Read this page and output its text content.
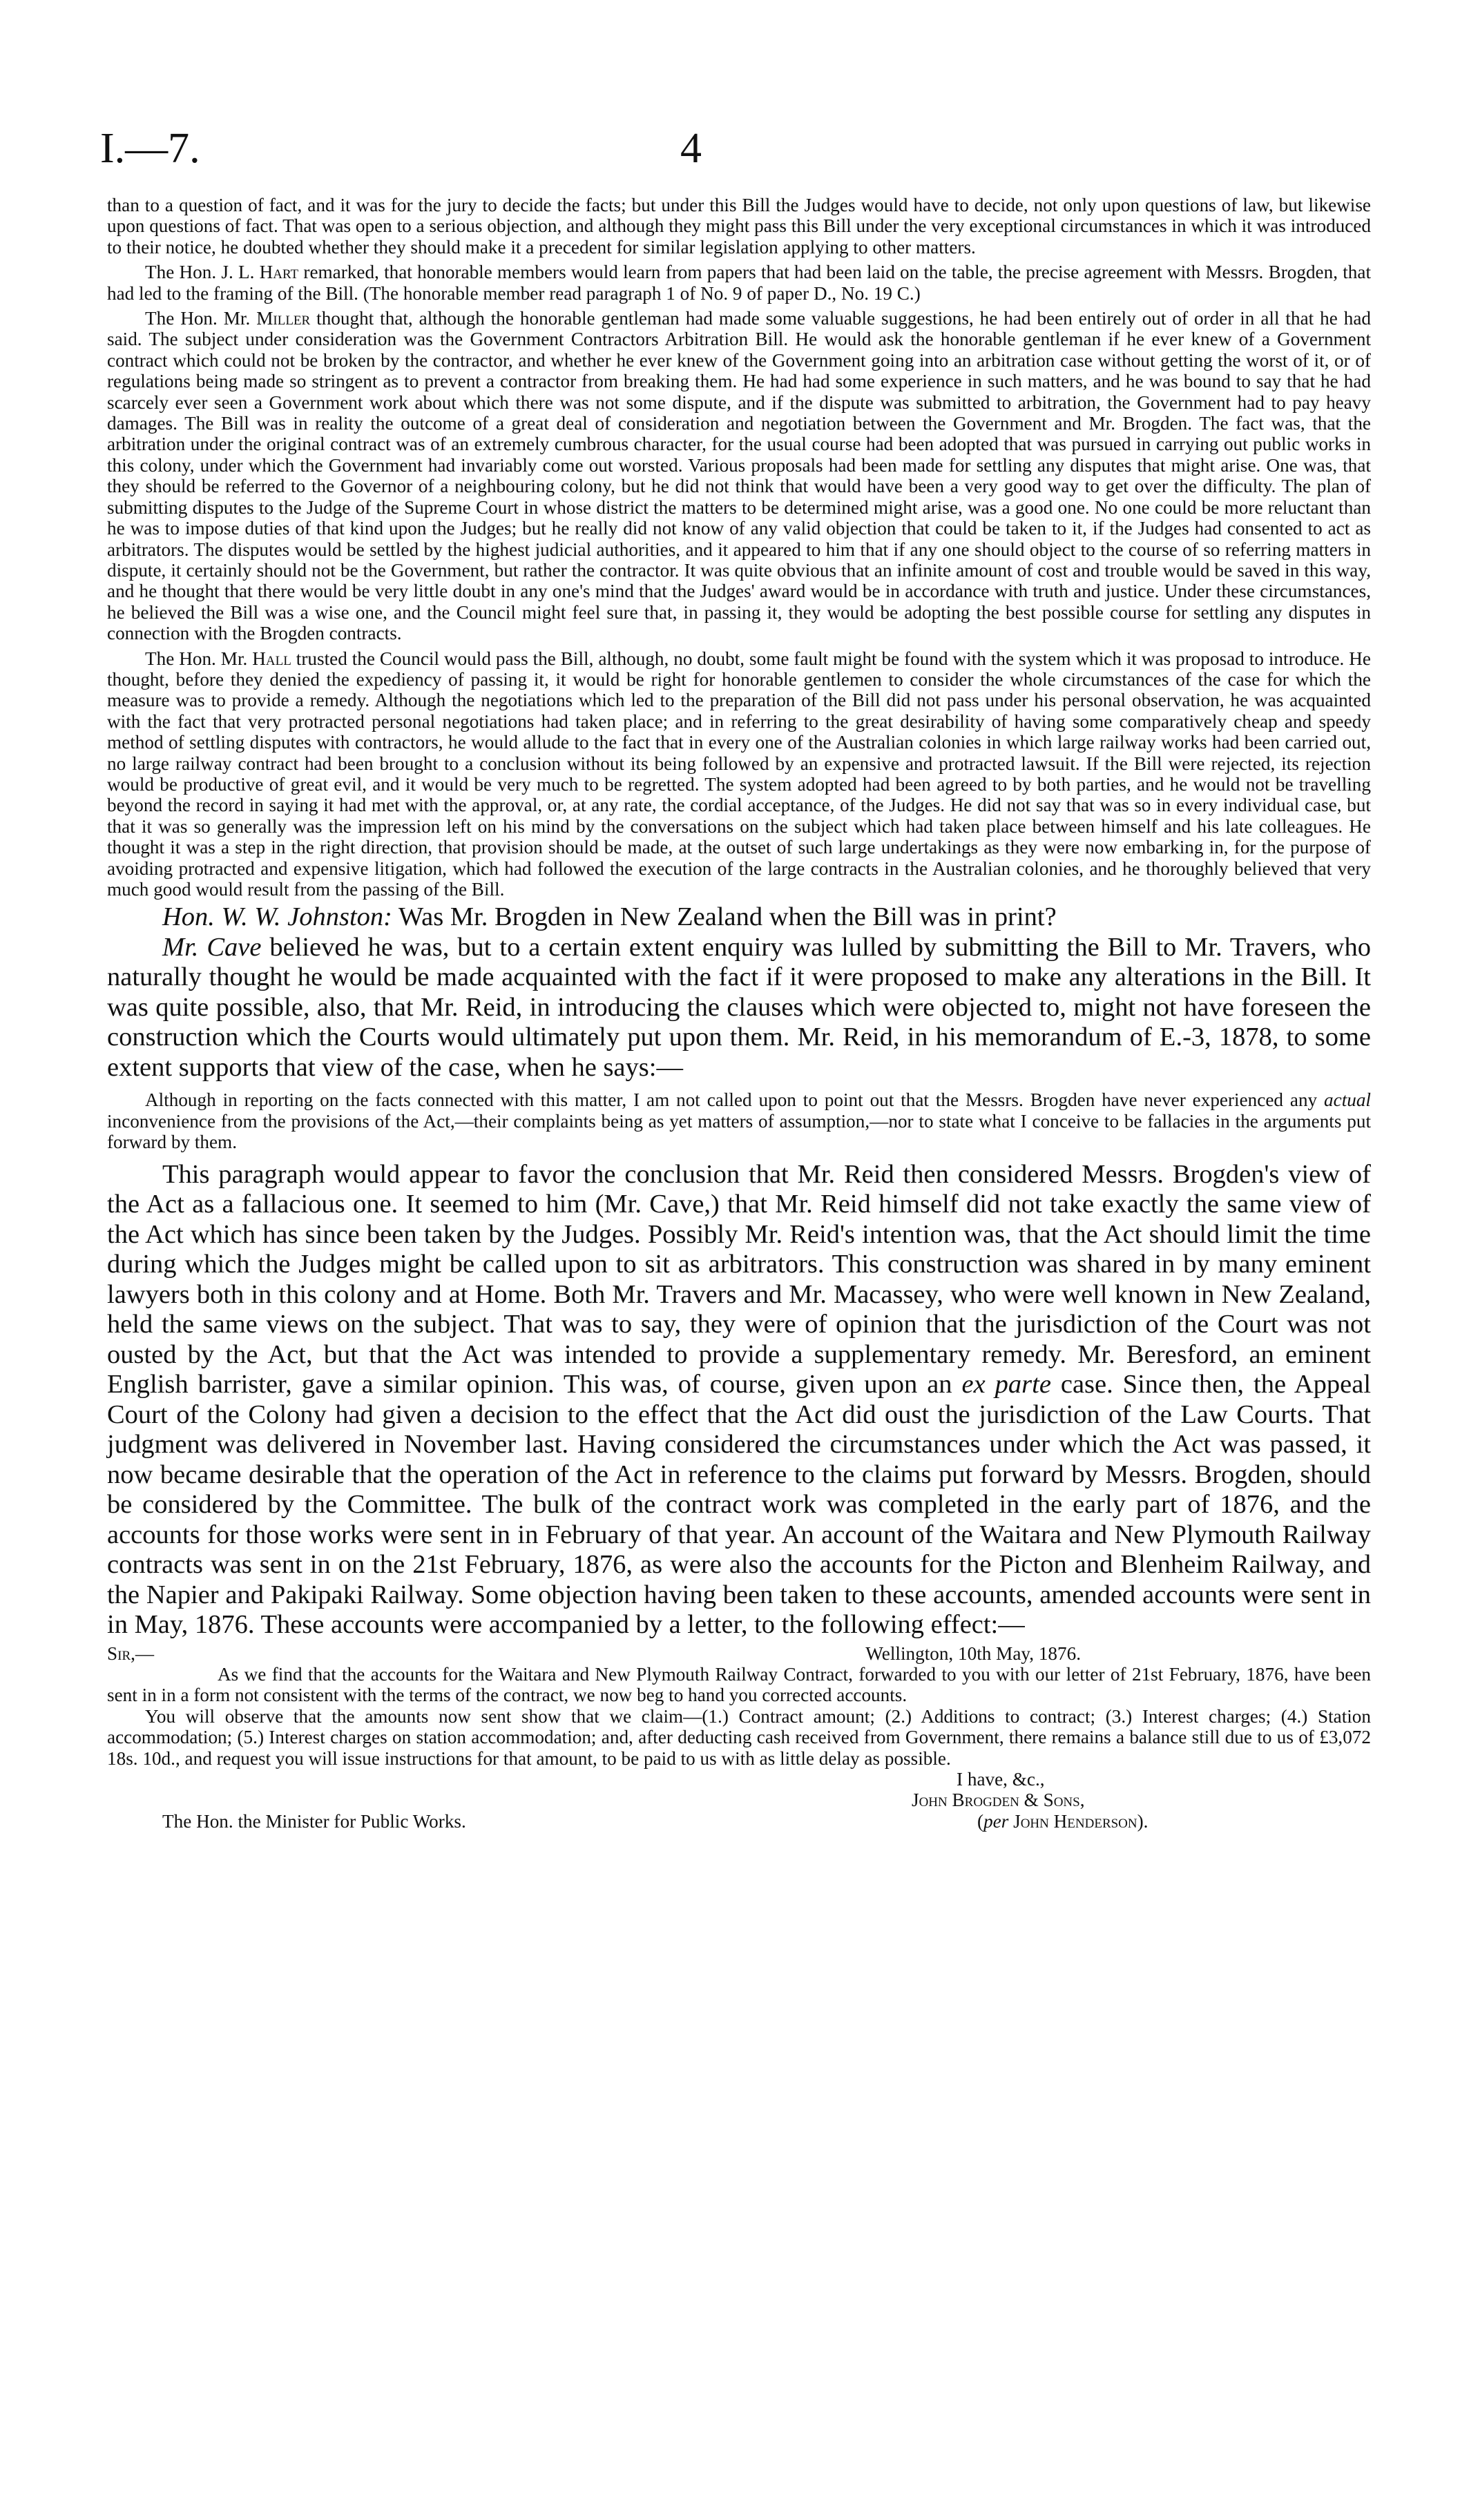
I.—7.	4

than to a question of fact, and it was for the jury to decide the facts; but under this Bill the Judges would have to decide, not only upon questions of law, but likewise upon questions of fact. That was open to a serious objection, and although they might pass this Bill under the very exceptional circumstances in which it was introduced to their notice, he doubted whether they should make it a precedent for similar legislation applying to other matters.

The Hon. J. L. Hart remarked, that honorable members would learn from papers that had been laid on the table, the precise agreement with Messrs. Brogden, that had led to the framing of the Bill. (The honorable member read paragraph 1 of No. 9 of paper D., No. 19 C.)

The Hon. Mr. Miller thought that, although the honorable gentleman had made some valuable suggestions, he had been entirely out of order in all that he had said. The subject under consideration was the Government Contractors Arbitration Bill. He would ask the honorable gentleman if he ever knew of a Government contract which could not be broken by the contractor, and whether he ever knew of the Government going into an arbitration case without getting the worst of it, or of regulations being made so stringent as to prevent a contractor from breaking them. He had had some experience in such matters, and he was bound to say that he had scarcely ever seen a Government work about which there was not some dispute, and if the dispute was submitted to arbitration, the Government had to pay heavy damages. The Bill was in reality the outcome of a great deal of consideration and negotiation between the Government and Mr. Brogden. The fact was, that the arbitration under the original contract was of an extremely cumbrous character, for the usual course had been adopted that was pursued in carrying out public works in this colony, under which the Government had invariably come out worsted. Various proposals had been made for settling any disputes that might arise. One was, that they should be referred to the Governor of a neighbouring colony, but he did not think that would have been a very good way to get over the difficulty. The plan of submitting disputes to the Judge of the Supreme Court in whose district the matters to be determined might arise, was a good one. No one could be more reluctant than he was to impose duties of that kind upon the Judges; but he really did not know of any valid objection that could be taken to it, if the Judges had consented to act as arbitrators. The disputes would be settled by the highest judicial authorities, and it appeared to him that if any one should object to the course of so referring matters in dispute, it certainly should not be the Government, but rather the contractor. It was quite obvious that an infinite amount of cost and trouble would be saved in this way, and he thought that there would be very little doubt in any one's mind that the Judges' award would be in accordance with truth and justice. Under these circumstances, he believed the Bill was a wise one, and the Council might feel sure that, in passing it, they would be adopting the best possible course for settling any disputes in connection with the Brogden contracts.

The Hon. Mr. Hall trusted the Council would pass the Bill, although, no doubt, some fault might be found with the system which it was proposad to introduce. He thought, before they denied the expediency of passing it, it would be right for honorable gentlemen to consider the whole circumstances of the case for which the measure was to provide a remedy. Although the negotiations which led to the preparation of the Bill did not pass under his personal observation, he was acquainted with the fact that very protracted personal negotiations had taken place; and in referring to the great desirability of having some comparatively cheap and speedy method of settling disputes with contractors, he would allude to the fact that in every one of the Australian colonies in which large railway works had been carried out, no large railway contract had been brought to a conclusion without its being followed by an expensive and protracted lawsuit. If the Bill were rejected, its rejection would be productive of great evil, and it would be very much to be regretted. The system adopted had been agreed to by both parties, and he would not be travelling beyond the record in saying it had met with the approval, or, at any rate, the cordial acceptance, of the Judges. He did not say that was so in every individual case, but that it was so generally was the impression left on his mind by the conversations on the subject which had taken place between himself and his late colleagues. He thought it was a step in the right direction, that provision should be made, at the outset of such large undertakings as they were now embarking in, for the purpose of avoiding protracted and expensive litigation, which had followed the execution of the large contracts in the Australian colonies, and he thoroughly believed that very much good would result from the passing of the Bill.

Hon. W. W. Johnston: Was Mr. Brogden in New Zealand when the Bill was in print?

Mr. Cave believed he was, but to a certain extent enquiry was lulled by submitting the Bill to Mr. Travers, who naturally thought he would be made acquainted with the fact if it were proposed to make any alterations in the Bill. It was quite possible, also, that Mr. Reid, in introducing the clauses which were objected to, might not have foreseen the construction which the Courts would ultimately put upon them. Mr. Reid, in his memorandum of E.-3, 1878, to some extent supports that view of the case, when he says:—

Although in reporting on the facts connected with this matter, I am not called upon to point out that the Messrs. Brogden have never experienced any actual inconvenience from the provisions of the Act,—their complaints being as yet matters of assumption,—nor to state what I conceive to be fallacies in the arguments put forward by them.

This paragraph would appear to favor the conclusion that Mr. Reid then considered Messrs. Brogden's view of the Act as a fallacious one. It seemed to him (Mr. Cave,) that Mr. Reid himself did not take exactly the same view of the Act which has since been taken by the Judges. Possibly Mr. Reid's intention was, that the Act should limit the time during which the Judges might be called upon to sit as arbitrators. This construction was shared in by many eminent lawyers both in this colony and at Home. Both Mr. Travers and Mr. Macassey, who were well known in New Zealand, held the same views on the subject. That was to say, they were of opinion that the jurisdiction of the Court was not ousted by the Act, but that the Act was intended to provide a supplementary remedy. Mr. Beresford, an eminent English barrister, gave a similar opinion. This was, of course, given upon an ex parte case. Since then, the Appeal Court of the Colony had given a decision to the effect that the Act did oust the jurisdiction of the Law Courts. That judgment was delivered in November last. Having considered the circumstances under which the Act was passed, it now became desirable that the operation of the Act in reference to the claims put forward by Messrs. Brogden, should be considered by the Committee. The bulk of the contract work was completed in the early part of 1876, and the accounts for those works were sent in in February of that year. An account of the Waitara and New Plymouth Railway contracts was sent in on the 21st February, 1876, as were also the accounts for the Picton and Blenheim Railway, and the Napier and Pakipaki Railway. Some objection having been taken to these accounts, amended accounts were sent in in May, 1876. These accounts were accompanied by a letter, to the following effect:—

Sir,—	Wellington, 10th May, 1876.

As we find that the accounts for the Waitara and New Plymouth Railway Contract, forwarded to you with our letter of 21st February, 1876, have been sent in in a form not consistent with the terms of the contract, we now beg to hand you corrected accounts.

You will observe that the amounts now sent show that we claim—(1.) Contract amount; (2.) Additions to contract; (3.) Interest charges; (4.) Station accommodation; (5.) Interest charges on station accommodation; and, after deducting cash received from Government, there remains a balance still due to us of £3,072 18s. 10d., and request you will issue instructions for that amount, to be paid to us with as little delay as possible.

I have, &c.,
John Brogden & Sons,
The Hon. the Minister for Public Works.	(per John Henderson).
